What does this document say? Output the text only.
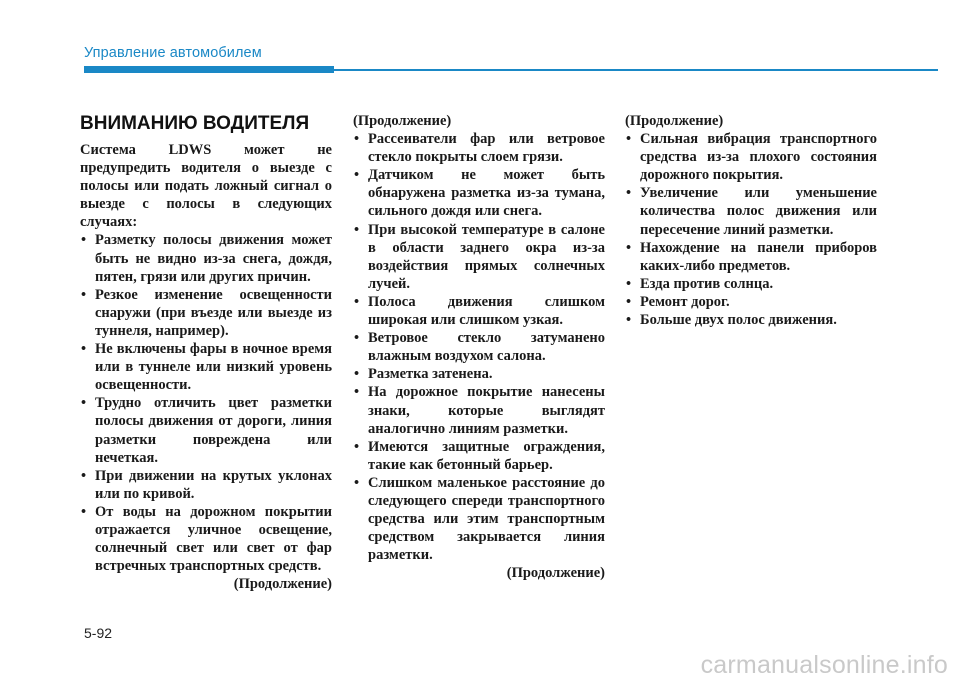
Управление автомобилем
ВНИМАНИЮ ВОДИТЕЛЯ

Система LDWS может не предупредить водителя о выезде с полосы или подать ложный сигнал о выезде с полосы в следующих случаях:

• Разметку полосы движения может быть не видно из-за снега, дождя, пятен, грязи или других причин.
• Резкое изменение освещенности снаружи (при въезде или выезде из туннеля, например).
• Не включены фары в ночное время или в туннеле или низкий уровень освещенности.
• Трудно отличить цвет разметки полосы движения от дороги, линия разметки повреждена или нечеткая.
• При движении на крутых уклонах или по кривой.
• От воды на дорожном покрытии отражается уличное освещение, солнечный свет или свет от фар встречных транспортных средств.
(Продолжение)
(Продолжение)
• Рассеиватели фар или ветровое стекло покрыты слоем грязи.
• Датчиком не может быть обнаружена разметка из-за тумана, сильного дождя или снега.
• При высокой температуре в салоне в области заднего окра из-за воздействия прямых солнечных лучей.
• Полоса движения слишком широкая или слишком узкая.
• Ветровое стекло затуманено влажным воздухом салона.
• Разметка затенена.
• На дорожное покрытие нанесены знаки, которые выглядят аналогично линиям разметки.
• Имеются защитные ограждения, такие как бетонный барьер.
• Слишком маленькое расстояние до следующего спереди транспортного средства или этим транспортным средством закрывается линия разметки.
(Продолжение)
(Продолжение)
• Сильная вибрация транспортного средства из-за плохого состояния дорожного покрытия.
• Увеличение или уменьшение количества полос движения или пересечение линий разметки.
• Нахождение на панели приборов каких-либо предметов.
• Езда против солнца.
• Ремонт дорог.
• Больше двух полос движения.
5-92
carmanualsonline.info
